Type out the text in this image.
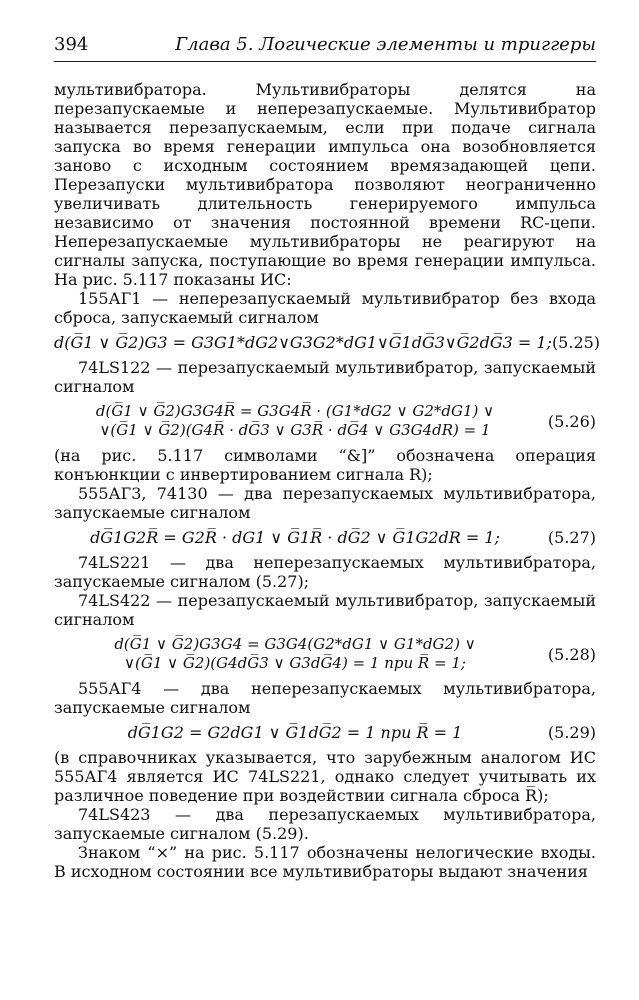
394	Глава 5. Логические элементы и триггеры

мультивибратора. Мультивибраторы делятся на перезапускаемые и неперезапускаемые. Мультивибратор называется перезапускаемым, если при подаче сигнала запуска во время генерации импульса она возобновляется заново с исходным состоянием времязадающей цепи. Перезапуски мультивибратора позволяют неограниченно увеличивать длительность генерируемого импульса независимо от значения постоянной времени RC-цепи. Неперезапускаемые мультивибраторы не реагируют на сигналы запуска, поступающие во время генерации импульса. На рис. 5.117 показаны ИС:

155АГ1 — неперезапускаемый мультивибратор без входа сброса, запускаемый сигналом

d(G̅1 ∨ G̅2)G3 = G3G1*dG2∨G3G2*dG1∨G̅1dG̅3∨G̅2dG̅3 = 1; (5.25)

74LS122 — перезапускаемый мультивибратор, запускаемый сигналом

d(G̅1 ∨ G̅2)G3G4R̅ = G3G4R̅ · (G1*dG2 ∨ G2*dG1) ∨
∨(G̅1 ∨ G̅2)(G4R̅ · dG̅3 ∨ G3R̅ · dG̅4 ∨ G3G4dR) = 1	(5.26)

(на рис. 5.117 символами “&]” обозначена операция конъюнкции с инвертированием сигнала R);

555АГ3, 74130 — два перезапускаемых мультивибратора, запускаемые сигналом

dG̅1G2R̅ = G2R̅ · dG1 ∨ G̅1R̅ · dG̅2 ∨ G̅1G2dR = 1;	(5.27)

74LS221 — два неперезапускаемых мультивибратора, запускаемые сигналом (5.27);

74LS422 — перезапускаемый мультивибратор, запускаемый сигналом

d(G̅1 ∨ G̅2)G3G4 = G3G4(G2*dG1 ∨ G1*dG2) ∨
∨(G̅1 ∨ G̅2)(G4dG̅3 ∨ G3dG̅4) = 1 при R̅ = 1;	(5.28)

555АГ4 — два неперезапускаемых мультивибратора, запускаемые сигналом

dG̅1G2 = G2dG1 ∨ G̅1dG̅2 = 1 при R̅ = 1	(5.29)

(в справочниках указывается, что зарубежным аналогом ИС 555АГ4 является ИС 74LS221, однако следует учитывать их различное поведение при воздействии сигнала сброса R̅);

74LS423 — два перезапускаемых мультивибратора, запускаемые сигналом (5.29).

Знаком “×” на рис. 5.117 обозначены нелогические входы. В исходном состоянии все мультивибраторы выдают значения
